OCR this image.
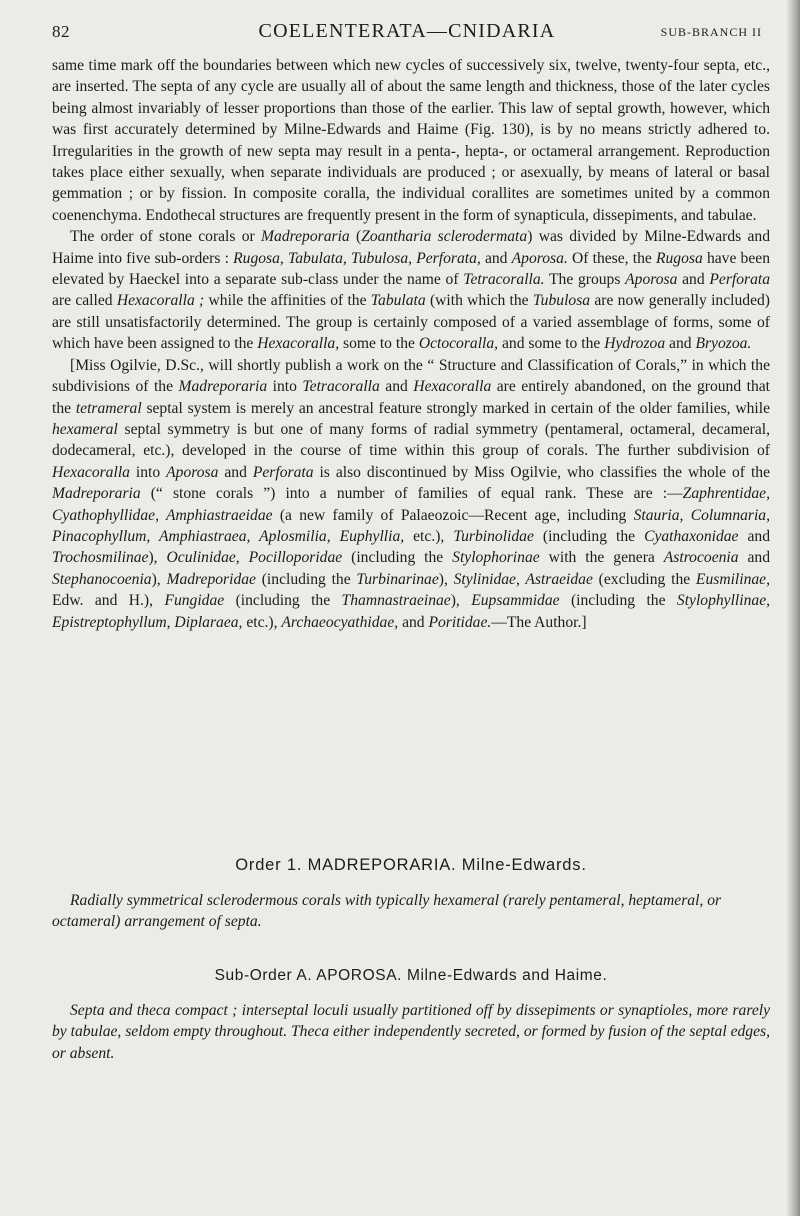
82	COELENTERATA—CNIDARIA	SUB-BRANCH II

same time mark off the boundaries between which new cycles of successively six, twelve, twenty-four septa, etc., are inserted. The septa of any cycle are usually all of about the same length and thickness, those of the later cycles being almost invariably of lesser proportions than those of the earlier. This law of septal growth, however, which was first accurately determined by Milne-Edwards and Haime (Fig. 130), is by no means strictly adhered to. Irregularities in the growth of new septa may result in a penta-, hepta-, or octameral arrangement. Reproduction takes place either sexually, when separate individuals are produced ; or asexually, by means of lateral or basal gemmation ; or by fission. In composite coralla, the individual corallites are sometimes united by a common coenenchyma. Endothecal structures are frequently present in the form of synapticula, dissepiments, and tabulae.

The order of stone corals or Madreporaria (Zoantharia sclerodermata) was divided by Milne-Edwards and Haime into five sub-orders : Rugosa, Tabulata, Tubulosa, Perforata, and Aporosa. Of these, the Rugosa have been elevated by Haeckel into a separate sub-class under the name of Tetracoralla. The groups Aporosa and Perforata are called Hexacoralla ; while the affinities of the Tabulata (with which the Tubulosa are now generally included) are still unsatisfactorily determined. The group is certainly composed of a varied assemblage of forms, some of which have been assigned to the Hexacoralla, some to the Octocoralla, and some to the Hydrozoa and Bryozoa.

[Miss Ogilvie, D.Sc., will shortly publish a work on the “ Structure and Classification of Corals,” in which the subdivisions of the Madreporaria into Tetracoralla and Hexacoralla are entirely abandoned, on the ground that the tetrameral septal system is merely an ancestral feature strongly marked in certain of the older families, while hexameral septal symmetry is but one of many forms of radial symmetry (pentameral, octameral, decameral, dodecameral, etc.), developed in the course of time within this group of corals. The further subdivision of Hexacoralla into Aporosa and Perforata is also discontinued by Miss Ogilvie, who classifies the whole of the Madreporaria (“ stone corals ”) into a number of families of equal rank. These are :—Zaphrentidae, Cyathophyllidae, Amphiastraeidae (a new family of Palaeozoic—Recent age, including Stauria, Columnaria, Pinacophyllum, Amphiastraea, Aplosmilia, Euphyllia, etc.), Turbinolidae (including the Cyathaxonidae and Trochosmilinae), Oculinidae, Pocilloporidae (including the Stylophorinae with the genera Astrocoenia and Stephanocoenia), Madreporidae (including the Turbinarinae), Stylinidae, Astraeidae (excluding the Eusmilinae, Edw. and H.), Fungidae (including the Thamnastraeinae), Eupsammidae (including the Stylophyllinae, Epistreptophyllum, Diplaraea, etc.), Archaeocyathidae, and Poritidae.—The Author.]

Order 1. MADREPORARIA. Milne-Edwards.

Radially symmetrical sclerodermous corals with typically hexameral (rarely pentameral, heptameral, or octameral) arrangement of septa.

Sub-Order A. APOROSA. Milne-Edwards and Haime.

Septa and theca compact ; interseptal loculi usually partitioned off by dissepiments or synaptioles, more rarely by tabulae, seldom empty throughout. Theca either independently secreted, or formed by fusion of the septal edges, or absent.
